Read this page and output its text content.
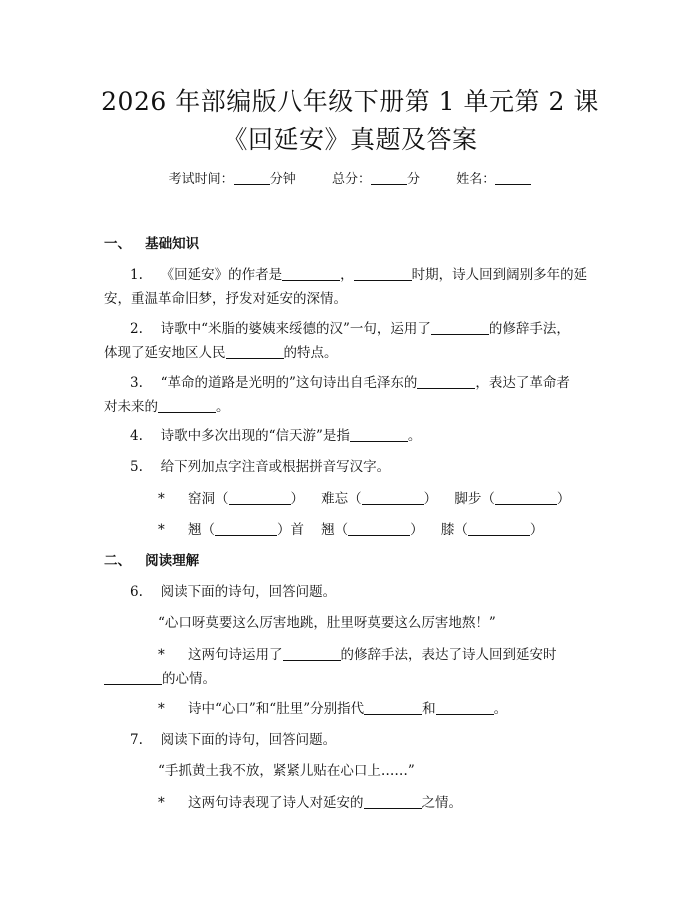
2026 年部编版八年级下册第 1 单元第 2 课
《回延安》真题及答案
考试时间：	分钟	总分：	分	姓名：
一、 基础知识
1. 《回延安》的作者是	，	时期，诗人回到阔别多年的延
安，重温革命旧梦，抒发对延安的深情。
2. 诗歌中“米脂的婆姨来绥德的汉”一句，运用了	的修辞手法，
体现了延安地区人民	的特点。
3. “革命的道路是光明的”这句诗出自毛泽东的	，表达了革命者
对未来的	。
4. 诗歌中多次出现的“信天游”是指	。
5. 给下列加点字注音或根据拼音写汉字。
* 窑洞（	） 难忘（	） 脚步（	）
* 翘（	）首 翘（	） 膝（	）
二、 阅读理解
6. 阅读下面的诗句，回答问题。
“心口呀莫要这么厉害地跳，肚里呀莫要这么厉害地熬！”
* 这两句诗运用了	的修辞手法，表达了诗人回到延安时
的心情。
* 诗中“心口”和“肚里”分别指代	和	。
7. 阅读下面的诗句，回答问题。
“手抓黄土我不放，紧紧儿贴在心口上……”
* 这两句诗表现了诗人对延安的	之情。
